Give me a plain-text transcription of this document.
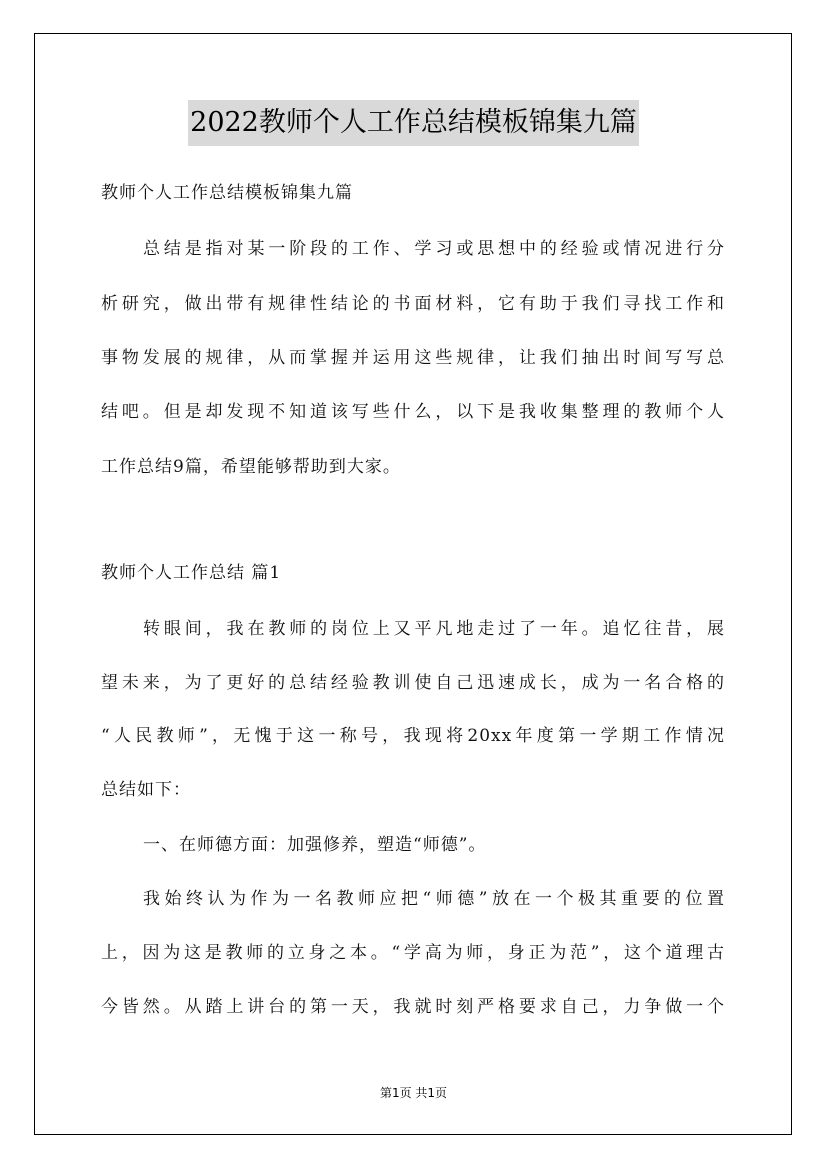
2022教师个人工作总结模板锦集九篇
教师个人工作总结模板锦集九篇
总结是指对某一阶段的工作、学习或思想中的经验或情况进行分
析研究，做出带有规律性结论的书面材料，它有助于我们寻找工作和
事物发展的规律，从而掌握并运用这些规律，让我们抽出时间写写总
结吧。但是却发现不知道该写些什么，以下是我收集整理的教师个人
工作总结9篇，希望能够帮助到大家。
教师个人工作总结 篇1
转眼间，我在教师的岗位上又平凡地走过了一年。追忆往昔，展
望未来，为了更好的总结经验教训使自己迅速成长，成为一名合格的
“人民教师”，无愧于这一称号，我现将20xx年度第一学期工作情况
总结如下：
一、在师德方面：加强修养，塑造“师德”。
我始终认为作为一名教师应把“师德”放在一个极其重要的位置
上，因为这是教师的立身之本。“学高为师，身正为范”，这个道理古
今皆然。从踏上讲台的第一天，我就时刻严格要求自己，力争做一个
第1页 共1页
